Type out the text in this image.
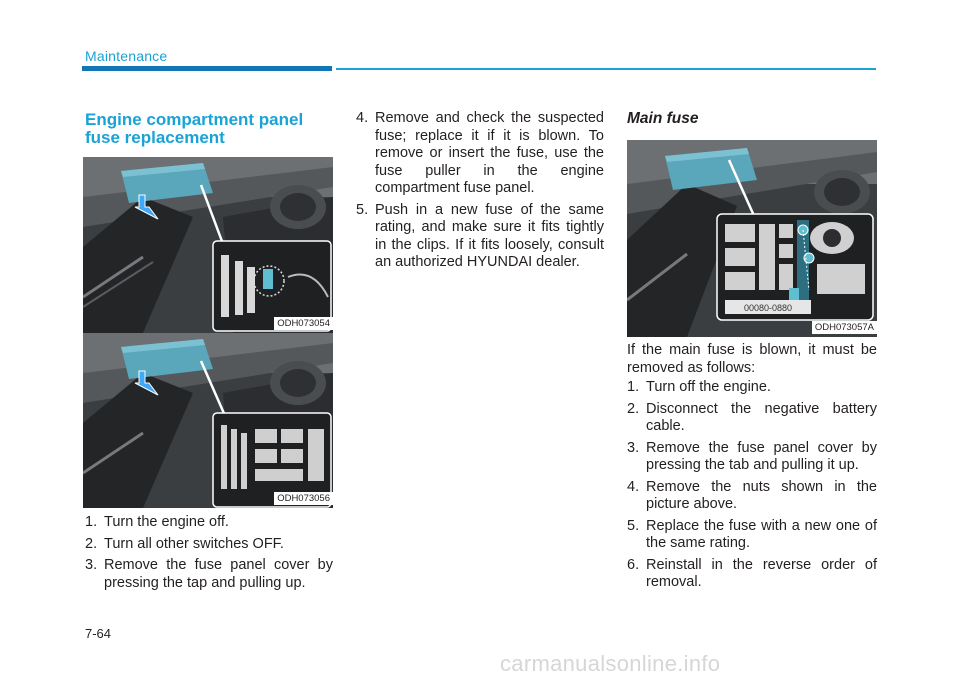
Maintenance
Engine compartment panel fuse replacement
ODH073054
ODH073056
1. Turn the engine off.
2. Turn all other switches OFF.
3. Remove the fuse panel cover by pressing the tap and pulling up.
4. Remove and check the suspected fuse; replace it if it is blown. To remove or insert the fuse, use the fuse puller in the engine compartment fuse panel.
5. Push in a new fuse of the same rating, and make sure it fits tightly in the clips. If it fits loosely, consult an authorized HYUNDAI dealer.
Main fuse
00080-0880
ODH073057A

If the main fuse is blown, it must be removed as follows:

1. Turn off the engine.
2. Disconnect the negative battery cable.
3. Remove the fuse panel cover by pressing the tab and pulling it up.
4. Remove the nuts shown in the picture above.
5. Replace the fuse with a new one of the same rating.
6. Reinstall in the reverse order of removal.
7-64
carmanualsonline.info
